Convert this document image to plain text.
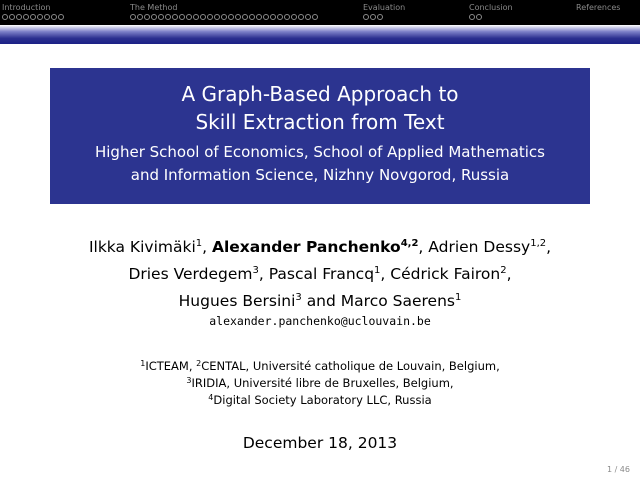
Introduction	The Method	Evaluation	Conclusion	References
A Graph-Based Approach to
Skill Extraction from Text
Higher School of Economics, School of Applied Mathematics
and Information Science, Nizhny Novgorod, Russia
Ilkka Kivimäki$^1$, Alexander Panchenko$^{4,2}$, Adrien Dessy$^{1,2}$,
Dries Verdegem$^3$, Pascal Francq$^1$, Cédrick Fairon$^2$,
Hugues Bersini$^3$ and Marco Saerens$^1$
alexander.panchenko@uclouvain.be
$^1$ICTEAM, $^2$CENTAL, Université catholique de Louvain, Belgium,
$^3$IRIDIA, Université libre de Bruxelles, Belgium,
$^4$Digital Society Laboratory LLC, Russia
December 18, 2013
1 / 46
